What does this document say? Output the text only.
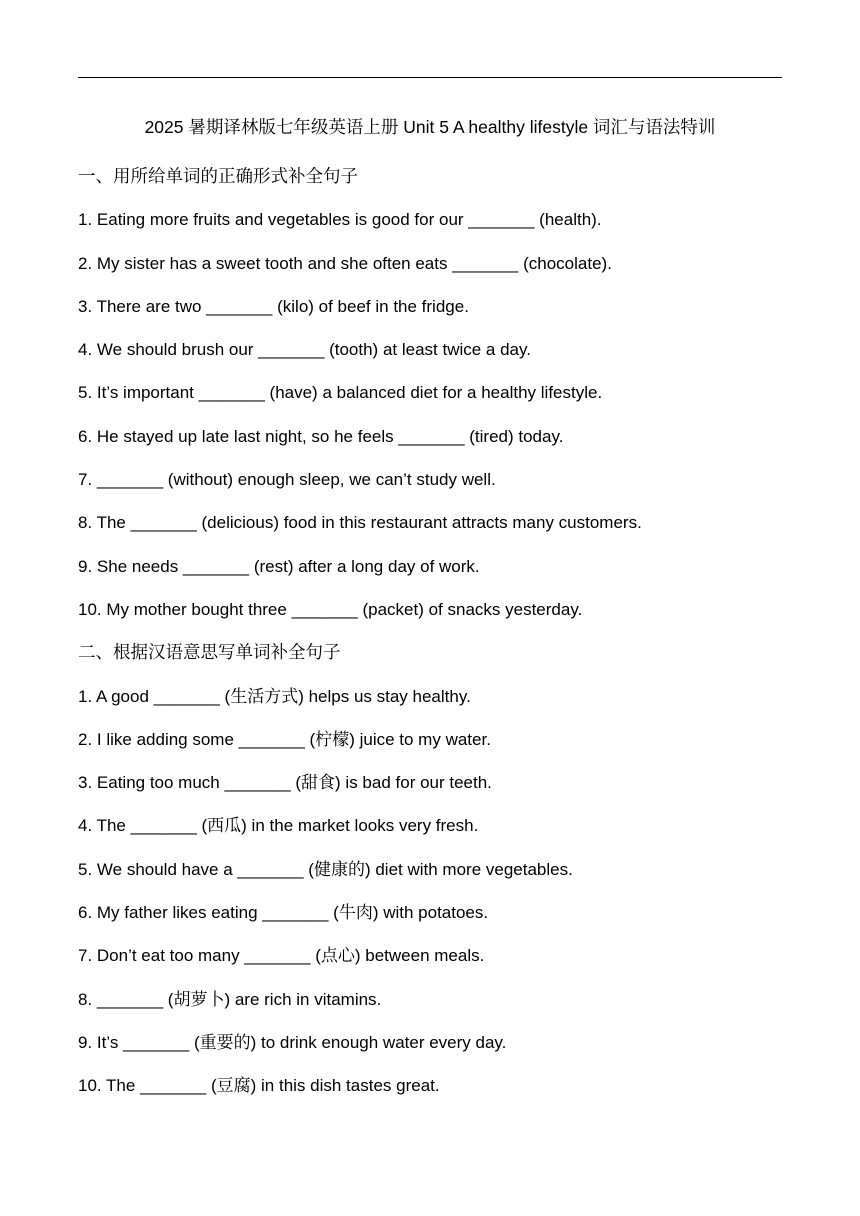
2025 暑期译林版七年级英语上册 Unit 5 A healthy lifestyle 词汇与语法特训
一、用所给单词的正确形式补全句子
1. Eating more fruits and vegetables is good for our _______ (health).
2. My sister has a sweet tooth and she often eats _______ (chocolate).
3. There are two _______ (kilo) of beef in the fridge.
4. We should brush our _______ (tooth) at least twice a day.
5. It’s important _______ (have) a balanced diet for a healthy lifestyle.
6. He stayed up late last night, so he feels _______ (tired) today.
7. _______ (without) enough sleep, we can’t study well.
8. The _______ (delicious) food in this restaurant attracts many customers.
9. She needs _______ (rest) after a long day of work.
10. My mother bought three _______ (packet) of snacks yesterday.
二、根据汉语意思写单词补全句子
1. A good _______ (生活方式) helps us stay healthy.
2. I like adding some _______ (柠檬) juice to my water.
3. Eating too much _______ (甜食) is bad for our teeth.
4. The _______ (西瓜) in the market looks very fresh.
5. We should have a _______ (健康的) diet with more vegetables.
6. My father likes eating _______ (牛肉) with potatoes.
7. Don’t eat too many _______ (点心) between meals.
8. _______ (胡萝卜) are rich in vitamins.
9. It’s _______ (重要的) to drink enough water every day.
10. The _______ (豆腐) in this dish tastes great.
